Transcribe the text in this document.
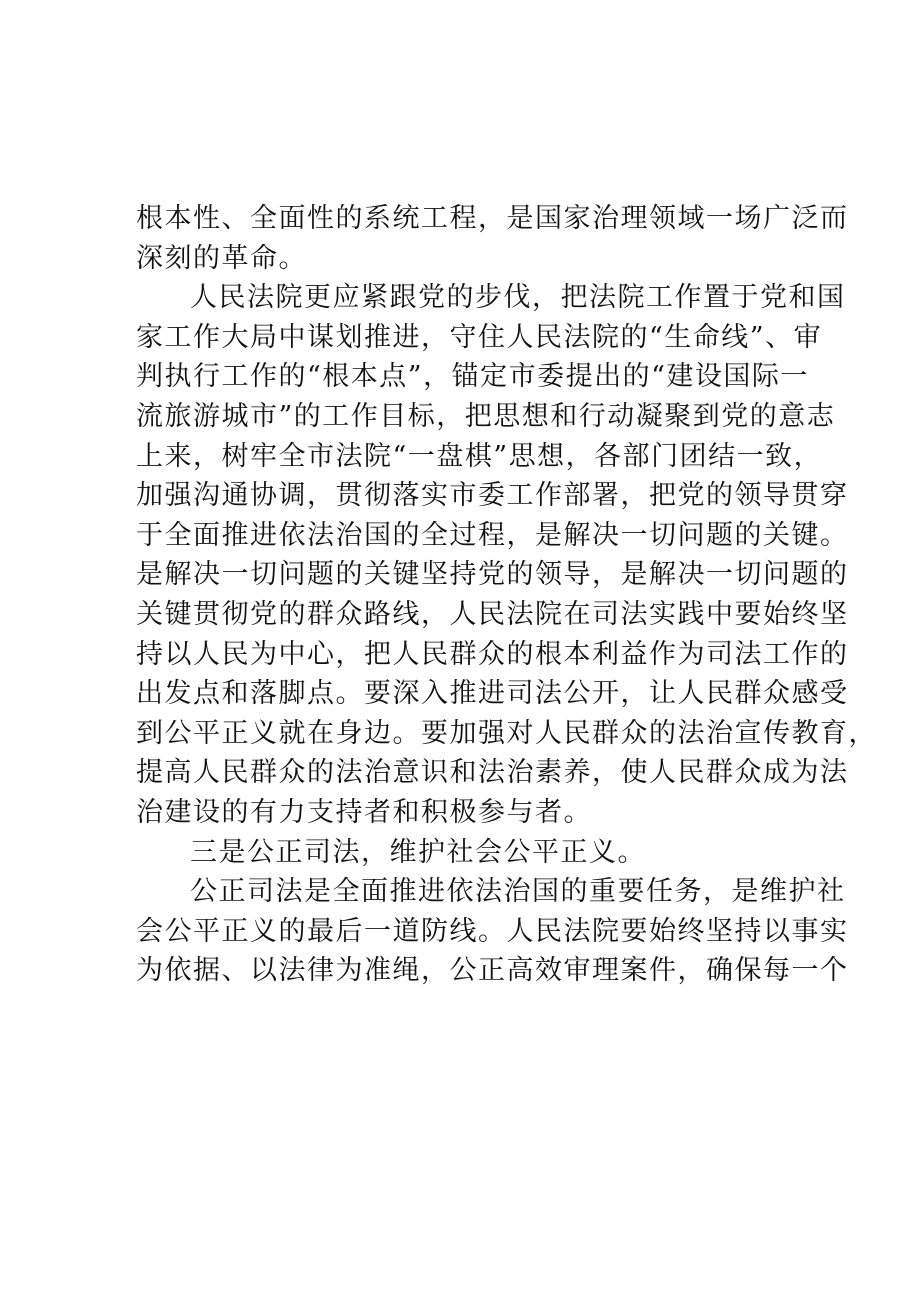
根本性、全面性的系统工程，是国家治理领域一场广泛而
深刻的革命。
人民法院更应紧跟党的步伐，把法院工作置于党和国
家工作大局中谋划推进，守住人民法院的“生命线”、审
判执行工作的“根本点”，锚定市委提出的“建设国际一
流旅游城市”的工作目标，把思想和行动凝聚到党的意志
上来，树牢全市法院“一盘棋”思想，各部门团结一致，
加强沟通协调，贯彻落实市委工作部署，把党的领导贯穿
于全面推进依法治国的全过程，是解决一切问题的关键。
是解决一切问题的关键坚持党的领导，是解决一切问题的
关键贯彻党的群众路线，人民法院在司法实践中要始终坚
持以人民为中心，把人民群众的根本利益作为司法工作的
出发点和落脚点。要深入推进司法公开，让人民群众感受
到公平正义就在身边。要加强对人民群众的法治宣传教育，
提高人民群众的法治意识和法治素养，使人民群众成为法
治建设的有力支持者和积极参与者。
三是公正司法，维护社会公平正义。
公正司法是全面推进依法治国的重要任务，是维护社
会公平正义的最后一道防线。人民法院要始终坚持以事实
为依据、以法律为准绳，公正高效审理案件，确保每一个
